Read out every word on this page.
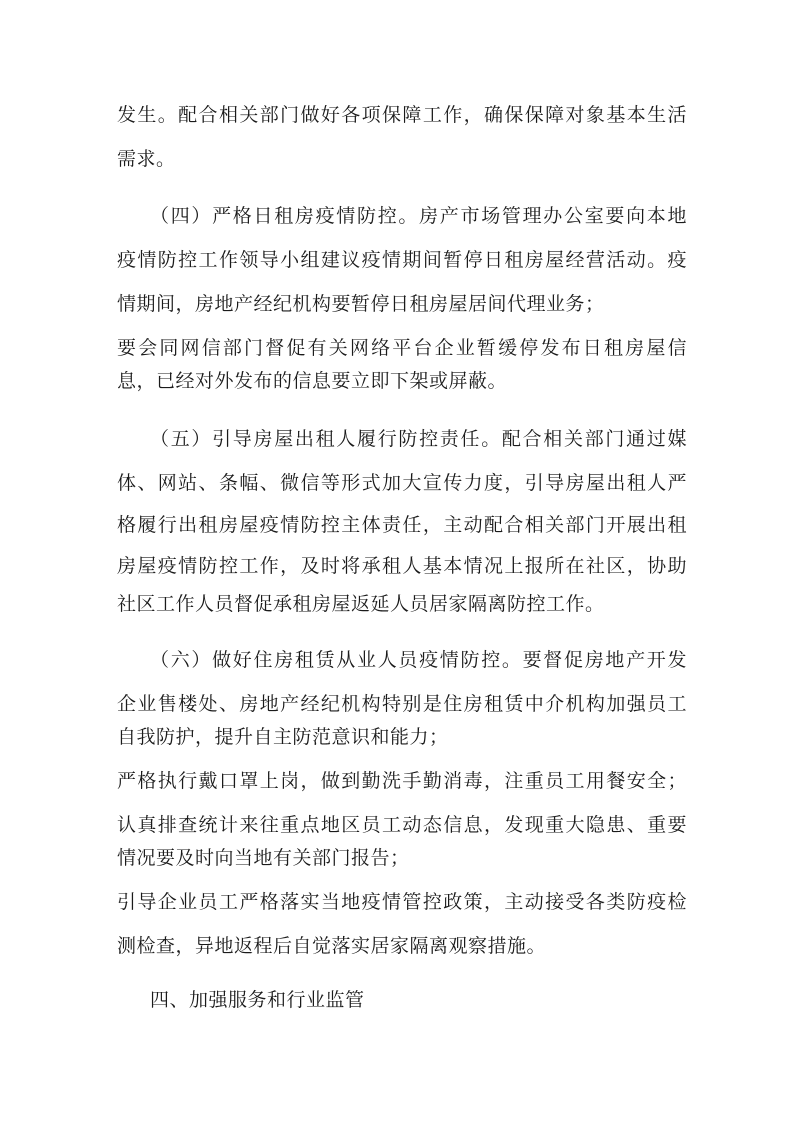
发生。配合相关部门做好各项保障工作，确保保障对象基本生活
需求。
（四）严格日租房疫情防控。房产市场管理办公室要向本地
疫情防控工作领导小组建议疫情期间暂停日租房屋经营活动。疫
情期间，房地产经纪机构要暂停日租房屋居间代理业务；
要会同网信部门督促有关网络平台企业暂缓停发布日租房屋信
息，已经对外发布的信息要立即下架或屏蔽。
（五）引导房屋出租人履行防控责任。配合相关部门通过媒
体、网站、条幅、微信等形式加大宣传力度，引导房屋出租人严
格履行出租房屋疫情防控主体责任，主动配合相关部门开展出租
房屋疫情防控工作，及时将承租人基本情况上报所在社区，协助
社区工作人员督促承租房屋返延人员居家隔离防控工作。
（六）做好住房租赁从业人员疫情防控。要督促房地产开发
企业售楼处、房地产经纪机构特别是住房租赁中介机构加强员工
自我防护，提升自主防范意识和能力；
严格执行戴口罩上岗，做到勤洗手勤消毒，注重员工用餐安全；
认真排查统计来往重点地区员工动态信息，发现重大隐患、重要
情况要及时向当地有关部门报告；
引导企业员工严格落实当地疫情管控政策，主动接受各类防疫检
测检查，异地返程后自觉落实居家隔离观察措施。
四、加强服务和行业监管
